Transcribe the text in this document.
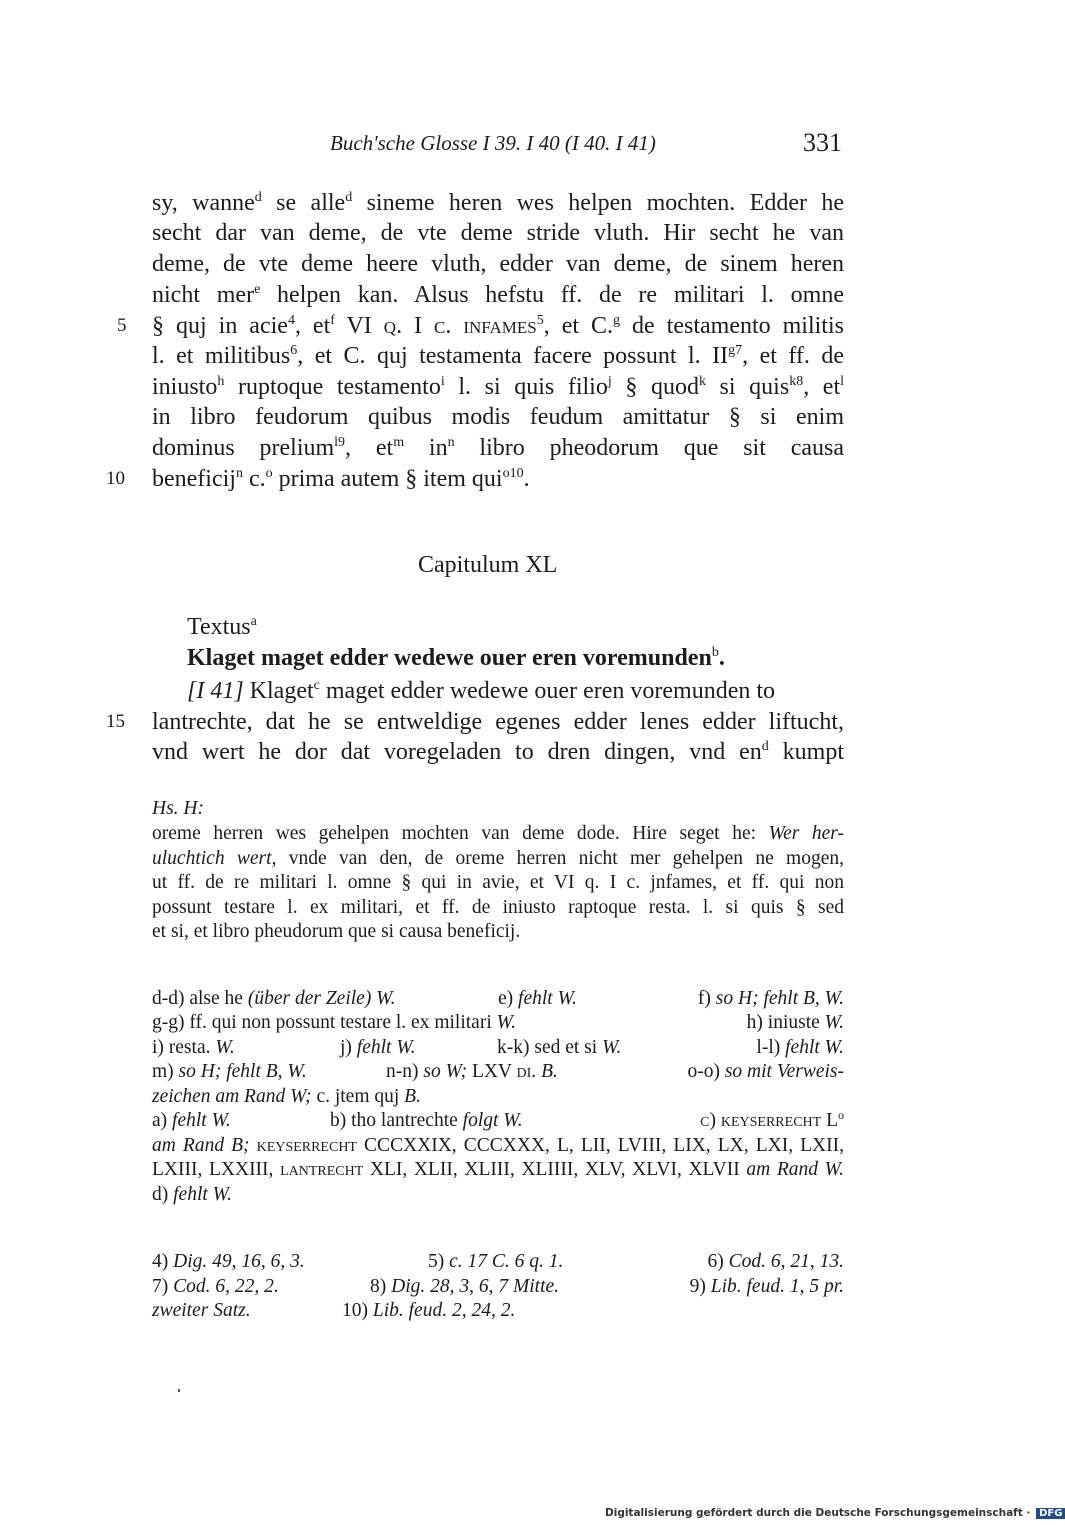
Buch'sche Glosse I 39. I 40 (I 40. I 41)	331
sy, wanne$^d$ se alle$^d$ sineme heren wes helpen mochten. Edder he
secht dar van deme, de vte deme stride vluth. Hir secht he van
deme, de vte deme heere vluth, edder van deme, de sinem heren
nicht mer$^e$ helpen kan. Alsus hefstu ff. de re militari l. omne
5 § quj in acie$^4$, $et^f$ VI q. I c. infames$^5$, et C.$^g$ de testamento militis
l. et militibus$^6$, et C. quj testamenta facere possunt l. $II^{g7}$, et ff. de
iniusto$^h$ ruptoque testamento$^i$ l. si quis filio$^j$ § quod$^k$ si quis$^{k8}$, $et^l$
in libro feudorum quibus modis feudum amittatur § si enim
dominus prelium$^{l9}$, $et^m$ $in^n$ libro pheodorum que sit causa
10 beneficij$^n$ c.$^o$ prima autem § item qui$^{o10}$.
Capitulum XL
Textus$^a$
Klaget maget edder wedewe ouer eren voremunden$^b$.
[I 41] Klaget$^c$ maget edder wedewe ouer eren voremunden to
15 lantrechte, dat he se entweldige egenes edder lenes edder liftucht,
vnd wert he dor dat voregeladen to dren dingen, vnd $en^d$ kumpt
Hs. H:
oreme herren wes gehelpen mochten van deme dode. Hire seget he: Wer her-
uluchtich wert, vnde van den, de oreme herren nicht mer gehelpen ne mogen,
ut ff. de re militari l. omne § qui in avie, et VI q. I c. jnfames, et ff. qui non
possunt testare l. ex militari, et ff. de iniusto raptoque resta. l. si quis § sed
et si, et libro pheudorum que si causa beneficij.
d-d) alse he (über der Zeile) W.	e) fehlt W.	f) so H; fehlt B, W.
g-g) ff. qui non possunt testare l. ex militari W.	h) iniuste W.
i) resta. W.	j) fehlt W.	k-k) sed et si W.	l-l) fehlt W.
m) so H; fehlt B, W.	n-n) so W; LXV di. B.	o-o) so mit Verweis-
zeichen am Rand W; c. jtem quj B.
a) fehlt W.	b) tho lantrechte folgt W.	c) keyserrecht $L^o$
am Rand B; keyserrecht CCCXXIX, CCCXXX, L, LII, LVIII, LIX, LX, LXI, LXII,
LXIII, LXXIII, lantrecht XLI, XLII, XLIII, XLIIII, XLV, XLVI, XLVII am Rand W.
d) fehlt W.
4) Dig. 49, 16, 6, 3.	5) c. 17 C. 6 q. 1.	6) Cod. 6, 21, 13.
7) Cod. 6, 22, 2.	8) Dig. 28, 3, 6, 7 Mitte.	9) Lib. feud. 1, 5 pr.
zweiter Satz.	10) Lib. feud. 2, 24, 2.
Digitalisierung gefördert durch die Deutsche Forschungsgemeinschaft · DFG
